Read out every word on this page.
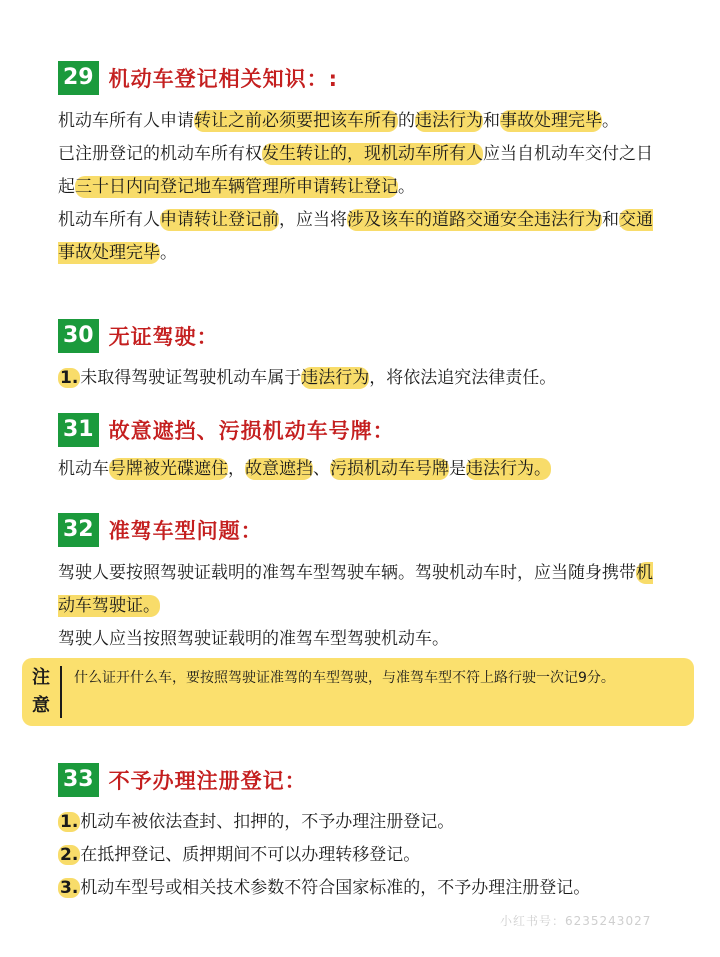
29 机动车登记相关知识：:

机动车所有人申请转让之前必须要把该车所有的违法行为和事故处理完毕。

已注册登记的机动车所有权发生转让的，现机动车所有人应当自机动车交付之日起三十日内向登记地车辆管理所申请转让登记。

机动车所有人申请转让登记前，应当将涉及该车的道路交通安全违法行为和交通事故处理完毕。

30 无证驾驶：

1. 未取得驾驶证驾驶机动车属于违法行为，将依法追究法律责任。

31 故意遮挡、污损机动车号牌：

机动车号牌被光碟遮住，故意遮挡、污损机动车号牌是违法行为。

32 准驾车型问题：

驾驶人要按照驾驶证载明的准驾车型驾驶车辆。驾驶机动车时，应当随身携带机动车驾驶证。

驾驶人应当按照驾驶证载明的准驾车型驾驶机动车。

注意
什么证开什么车，要按照驾驶证准驾的车型驾驶，与准驾车型不符上路行驶一次记9分。
33 不予办理注册登记：

1. 机动车被依法查封、扣押的，不予办理注册登记。

2. 在抵押登记、质押期间不可以办理转移登记。

3. 机动车型号或相关技术参数不符合国家标准的，不予办理注册登记。

小红书号：6235243027
